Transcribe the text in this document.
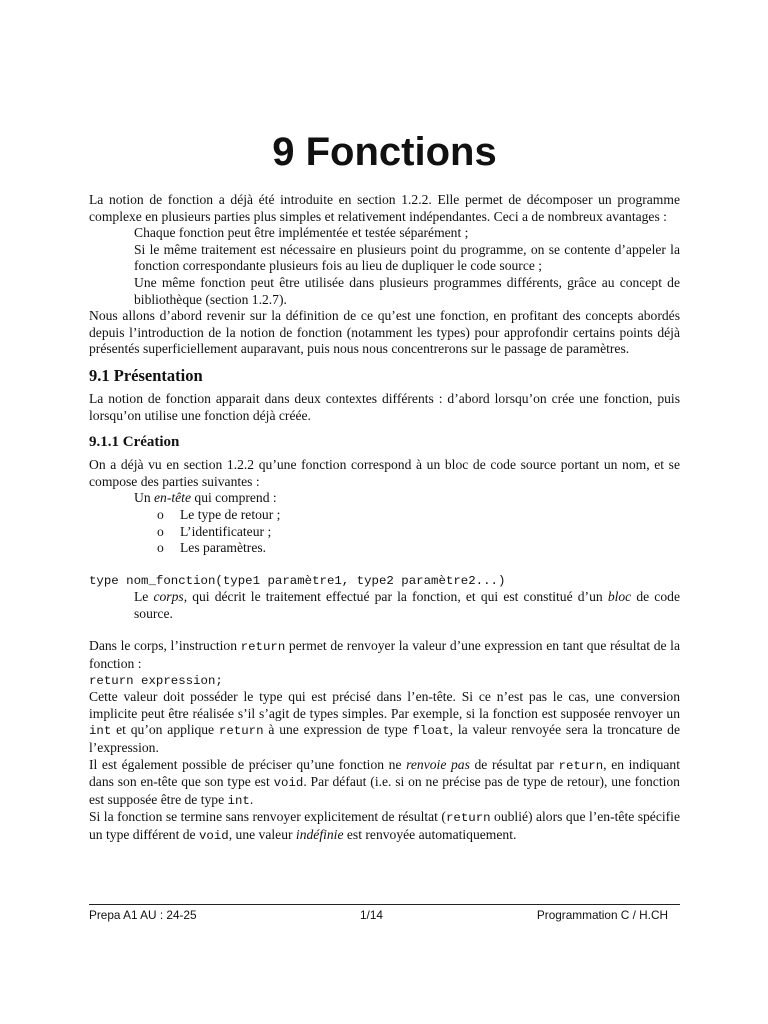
9 Fonctions

La notion de fonction a déjà été introduite en section 1.2.2. Elle permet de décomposer un programme complexe en plusieurs parties plus simples et relativement indépendantes. Ceci a de nombreux avantages :

Chaque fonction peut être implémentée et testée séparément ;

Si le même traitement est nécessaire en plusieurs point du programme, on se contente d’appeler la fonction correspondante plusieurs fois au lieu de dupliquer le code source ;

Une même fonction peut être utilisée dans plusieurs programmes différents, grâce au concept de bibliothèque (section 1.2.7).

Nous allons d’abord revenir sur la définition de ce qu’est une fonction, en profitant des concepts abordés depuis l’introduction de la notion de fonction (notamment les types) pour approfondir certains points déjà présentés superficiellement auparavant, puis nous nous concentrerons sur le passage de paramètres.

9.1 Présentation

La notion de fonction apparait dans deux contextes différents : d’abord lorsqu’on crée une fonction, puis lorsqu’on utilise une fonction déjà créée.

9.1.1 Création

On a déjà vu en section 1.2.2 qu’une fonction correspond à un bloc de code source portant un nom, et se compose des parties suivantes :

Un en-tête qui comprend :

o	Le type de retour ;

o	L’identificateur ;

o	Les paramètres.

type nom_fonction(type1 paramètre1, type2 paramètre2...)

Le corps, qui décrit le traitement effectué par la fonction, et qui est constitué d’un bloc de code source.

Dans le corps, l’instruction return permet de renvoyer la valeur d’une expression en tant que résultat de la fonction :

return expression;

Cette valeur doit posséder le type qui est précisé dans l’en-tête. Si ce n’est pas le cas, une conversion implicite peut être réalisée s’il s’agit de types simples. Par exemple, si la fonction est supposée renvoyer un int et qu’on applique return à une expression de type float, la valeur renvoyée sera la troncature de l’expression.

Il est également possible de préciser qu’une fonction ne renvoie pas de résultat par return, en indiquant dans son en-tête que son type est void. Par défaut (i.e. si on ne précise pas de type de retour), une fonction est supposée être de type int.

Si la fonction se termine sans renvoyer explicitement de résultat (return oublié) alors que l’en-tête spécifie un type différent de void, une valeur indéfinie est renvoyée automatiquement.

Prepa A1 AU : 24-25	1/14	Programmation C / H.CH
